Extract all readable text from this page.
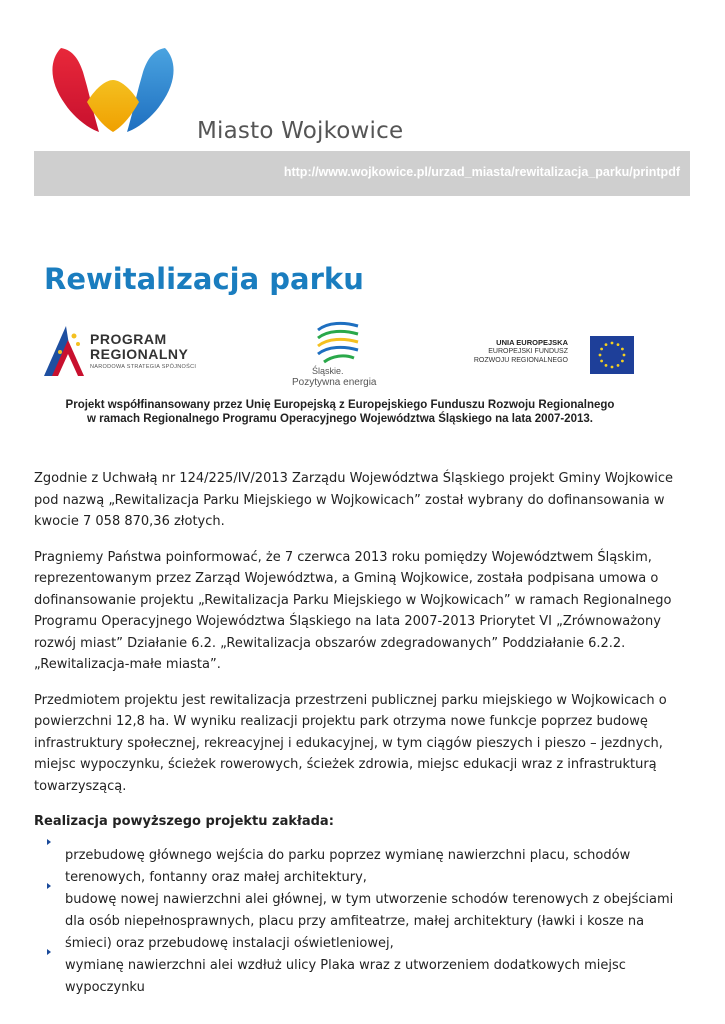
Miasto Wojkowice
http://www.wojkowice.pl/urzad_miasta/rewitalizacja_parku/printpdf
Rewitalizacja parku
PROGRAM
REGIONALNY
NARODOWA STRATEGIA SPÓJNOŚCI	Śląskie.
Pozytywna energia
UNIA EUROPEJSKA
EUROPEJSKI FUNDUSZ
ROZWOJU REGIONALNEGO
Projekt współfinansowany przez Unię Europejską z Europejskiego Funduszu Rozwoju Regionalnego
w ramach Regionalnego Programu Operacyjnego Województwa Śląskiego na lata 2007-2013.

Zgodnie z Uchwałą nr 124/225/IV/2013 Zarządu Województwa Śląskiego projekt Gminy Wojkowice pod nazwą „Rewitalizacja Parku Miejskiego w Wojkowicach” został wybrany do dofinansowania w kwocie 7 058 870,36 złotych.

Pragniemy Państwa poinformować, że 7 czerwca 2013 roku pomiędzy Województwem Śląskim, reprezentowanym przez Zarząd Województwa, a Gminą Wojkowice, została podpisana umowa o dofinansowanie projektu „Rewitalizacja Parku Miejskiego w Wojkowicach” w ramach Regionalnego Programu Operacyjnego Województwa Śląskiego na lata 2007-2013 Priorytet VI „Zrównoważony rozwój miast” Działanie 6.2. „Rewitalizacja obszarów zdegradowanych” Poddziałanie 6.2.2. „Rewitalizacja-małe miasta”.

Przedmiotem projektu jest rewitalizacja przestrzeni publicznej parku miejskiego w Wojkowicach o powierzchni 12,8 ha. W wyniku realizacji projektu park otrzyma nowe funkcje poprzez budowę infrastruktury społecznej, rekreacyjnej i edukacyjnej, w tym ciągów pieszych i pieszo – jezdnych, miejsc wypoczynku, ścieżek rowerowych, ścieżek zdrowia, miejsc edukacji wraz z infrastrukturą towarzyszącą.

Realizacja powyższego projektu zakłada:

przebudowę głównego wejścia do parku poprzez wymianę nawierzchni placu, schodów terenowych, fontanny oraz małej architektury,
budowę nowej nawierzchni alei głównej, w tym utworzenie schodów terenowych z obejściami dla osób niepełnosprawnych, placu przy amfiteatrze, małej architektury (ławki i kosze na śmieci) oraz przebudowę instalacji oświetleniowej,
wymianę nawierzchni alei wzdłuż ulicy Plaka wraz z utworzeniem dodatkowych miejsc wypoczynku
